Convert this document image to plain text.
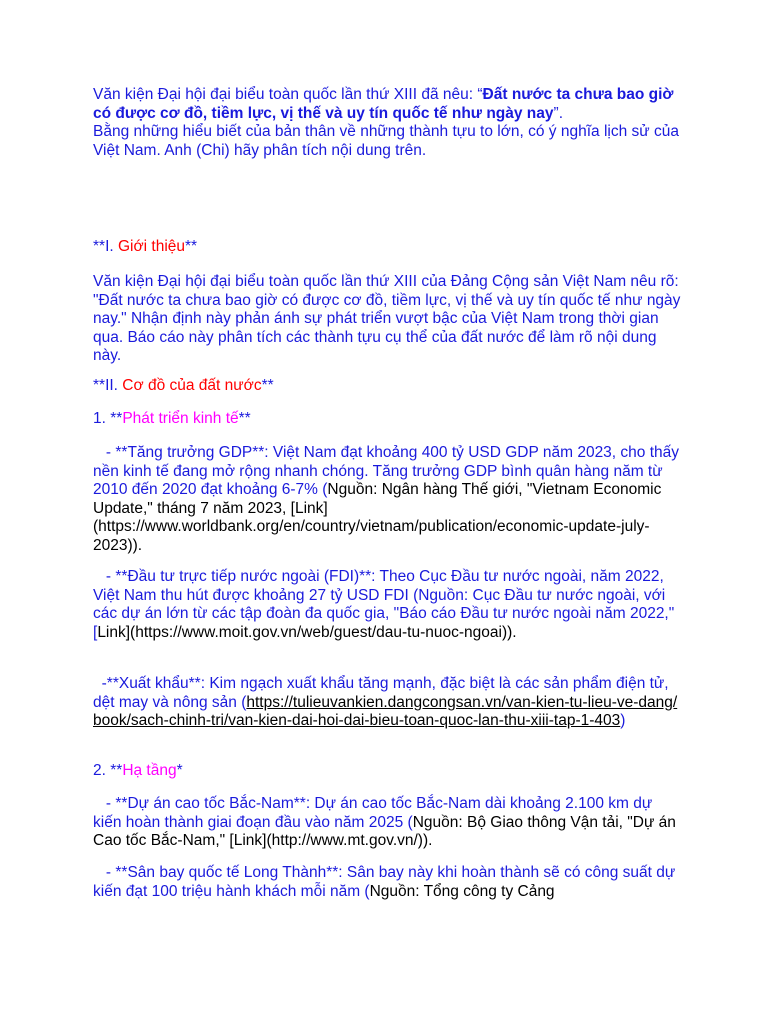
Văn kiện Đại hội đại biểu toàn quốc lần thứ XIII đã nêu: “Đất nước ta chưa bao giờ có được cơ đồ, tiềm lực, vị thế và uy tín quốc tế như ngày nay”.
Bằng những hiểu biết của bản thân về những thành tựu to lớn, có ý nghĩa lịch sử của
Việt Nam. Anh (Chi) hãy phân tích nội dung trên.

**I. Giới thiệu**

Văn kiện Đại hội đại biểu toàn quốc lần thứ XIII của Đảng Cộng sản Việt Nam nêu rõ: "Đất nước ta chưa bao giờ có được cơ đồ, tiềm lực, vị thế và uy tín quốc tế như ngày nay." Nhận định này phản ánh sự phát triển vượt bậc của Việt Nam trong thời gian qua. Báo cáo này phân tích các thành tựu cụ thể của đất nước để làm rõ nội dung này.

**II. Cơ đồ của đất nước**

1. **Phát triển kinh tế**

- **Tăng trưởng GDP**: Việt Nam đạt khoảng 400 tỷ USD GDP năm 2023, cho thấy nền kinh tế đang mở rộng nhanh chóng. Tăng trưởng GDP bình quân hàng năm từ 2010 đến 2020 đạt khoảng 6-7% (Nguồn: Ngân hàng Thế giới, "Vietnam Economic Update," tháng 7 năm 2023, [Link](https://www.worldbank.org/en/country/vietnam/publication/economic-update-july-2023)).

- **Đầu tư trực tiếp nước ngoài (FDI)**: Theo Cục Đầu tư nước ngoài, năm 2022, Việt Nam thu hút được khoảng 27 tỷ USD FDI (Nguồn: Cục Đầu tư nước ngoài, với các dự án lớn từ các tập đoàn đa quốc gia, "Báo cáo Đầu tư nước ngoài năm 2022," [Link](https://www.moit.gov.vn/web/guest/dau-tu-nuoc-ngoai)).

-**Xuất khẩu**: Kim ngạch xuất khẩu tăng mạnh, đặc biệt là các sản phẩm điện tử, dệt may và nông sản (https://tulieuvankien.dangcongsan.vn/van-kien-tu-lieu-ve-dang/book/sach-chinh-tri/van-kien-dai-hoi-dai-bieu-toan-quoc-lan-thu-xiii-tap-1-403)

2. **Hạ tầng*

- **Dự án cao tốc Bắc-Nam**: Dự án cao tốc Bắc-Nam dài khoảng 2.100 km dự kiến hoàn thành giai đoạn đầu vào năm 2025 (Nguồn: Bộ Giao thông Vận tải, "Dự án Cao tốc Bắc-Nam," [Link](http://www.mt.gov.vn/)).

- **Sân bay quốc tế Long Thành**: Sân bay này khi hoàn thành sẽ có công suất dự kiến đạt 100 triệu hành khách mỗi năm (Nguồn: Tổng công ty Cảng
